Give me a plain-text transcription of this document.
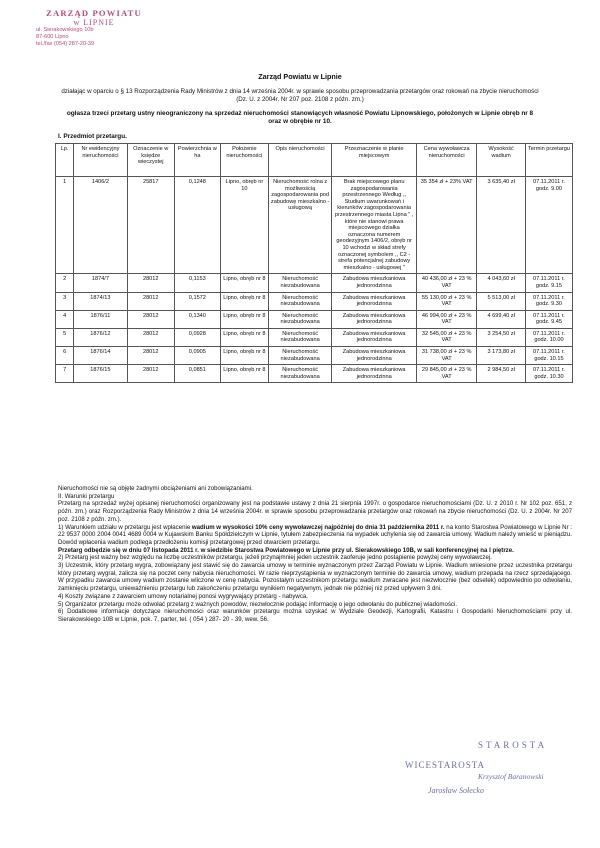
ZARZĄD POWIATU
w LIPNIE
ul. Sierakowskiego 10b
87-600 Lipno
tel./fax (054) 287-20-39
Zarząd Powiatu w Lipnie
działając w oparciu o § 13 Rozporządzenia Rady Ministrów z dnia 14 września 2004r. w sprawie sposobu przeprowadzania przetargów oraz rokowań na zbycie nieruchomości (Dz. U. z 2004r. Nr 207 poz. 2108 z późn. zm.)
ogłasza trzeci przetarg ustny nieograniczony na sprzedaż nieruchomości stanowiących własność Powiatu Lipnowskiego, położonych w Lipnie obręb nr 8 oraz w obrębie nr 10.
I. Przedmiot przetargu.
Lp.	Nr ewidencyjny nieruchomości	Oznaczenie w księdze wieczystej	Powierzchnia w ha	Położenie nieruchomości	Opis nieruchomości	Przeznaczenie w planie miejscowym	Cena wywoławcza nieruchomości	Wysokość wadium	Termin przetargu
1	1406/2	25817	0,1248	Lipno, obręb nr 10	Nieruchomość rolna z możliwością zagospodarowania pod zabudowę mieszkalno - usługową	Brak miejscowego planu zagospodarowania przestrzennego Według ,, Studium uwarunkowań i kierunków zagospodarowania przestrzennego miasta Lipna " , które nie stanowi prawa miejscowego działka oznaczona numerem geodezyjnym 1406/2, obręb nr 10 wchodzi w skład strefy oznaczonej symbolem ,, C2 - strefa potencjalnej zabudowy mieszkalno - usługowej "	35 354 zł + 23% VAT	3 635,40 zł	07.11.2011 r. godz. 9.00
2	1874/7	28012	0,1153	Lipno, obręb nr 8	Nieruchomość niezabudowana	Zabudowa mieszkaniowa jednorodzinna	40 436,00 zł + 23 % VAT	4 043,60 zł	07.11.2011 r. godz. 9.15
3	1874/13	28012	0,1572	Lipno, obręb nr 8	Nieruchomość niezabudowana	Zabudowa mieszkaniowa jednorodzinna	55 130,00 zł + 23 % VAT	5 513,00 zł	07.11.2011 r. godz. 9.30
4	1876/11	28012	0,1340	Lipno, obręb nr 8	Nieruchomość niezabudowana	Zabudowa mieszkaniowa jednorodzinna	46 994,00 zł + 23 % VAT	4 699,40 zł	07.11.2011 r. godz. 9.45
5	1876/12	28012	0,0928	Lipno, obręb nr 8	Nieruchomość niezabudowana	Zabudowa mieszkaniowa jednorodzinna	32 545,00 zł + 23 % VAT	3 254,50 zł	07.11.2011 r. godz. 10.00
6	1876/14	28012	0,0905	Lipno, obręb nr 8	Nieruchomość niezabudowana	Zabudowa mieszkaniowa jednorodzinna	31 738,00 zł + 23 % VAT	3 173,80 zł	07.11.2011 r. godz. 10.15
7	1876/15	28012	0,0851	Lipno, obręb nr 8	Nieruchomość niezabudowana	Zabudowa mieszkaniowa jednorodzinna	29 845,00 zł + 23 % VAT	2 984,50 zł	07.11.2011 r. godz. 10.30

Nieruchomości nie są objęte żadnymi obciążeniami ani zobowiązaniami.

II. Warunki przetargu

Przetarg na sprzedaż wyżej opisanej nieruchomości organizowany jest na podstawie ustawy z dnia 21 sierpnia 1997r. o gospodarce nieruchomościami (Dz. U. z 2010 r. Nr 102 poz. 651, z późn. zm.) oraz Rozporządzenia Rady Ministrów z dnia 14 września 2004r. w sprawie sposobu przeprowadzania przetargów oraz rokowań na zbycie nieruchomości (Dz. U. z 2004r. Nr 207 poz. 2108 z późn. zm.).

1) Warunkiem udziału w przetargu jest wpłacenie wadium w wysokości 10% ceny wywoławczej najpóźniej do dnia 31 października 2011 r. na konto Starostwa Powiatowego w Lipnie Nr : 22 9537 0000 2004 0041 4689 0004 w Kujawskim Banku Spółdzielczym w Lipnie, tytułem zabezpieczenia na wypadek uchylenia się od zawarcia umowy. Wadium należy wnieść w pieniądzu. Dowód wpłacenia wadium podlega przedłożeniu komisji przetargowej przed otwarciem przetargu.

Przetarg odbędzie się w dniu 07 listopada 2011 r. w siedzibie Starostwa Powiatowego w Lipnie przy ul. Sierakowskiego 10B, w sali konferencyjnej na I piętrze.

2) Przetarg jest ważny bez względu na liczbę uczestników przetargu, jeżeli przynajmniej jeden uczestnik zaoferuje jedno postąpienie powyżej ceny wywoławczej.

3) Uczestnik, który przetarg wygra, zobowiązany jest stawić się do zawarcia umowy w terminie wyznaczonym przez Zarząd Powiatu w Lipnie. Wadium wniesione przez uczestnika przetargu który przetarg wygrał, zalicza się na poczet ceny nabycia nieruchomości. W razie nieprzystąpienia w wyznaczonym terminie do zawarcia umowy, wadium przepada na rzecz sprzedającego. W przypadku zawarcia umowy wadium zostanie wliczone w cenę nabycia. Pozostałym uczestnikom przetargu wadium zwracane jest niezwłocznie (bez odsetek) odpowiednio po odwołaniu, zamknięciu przetargu, unieważnieniu przetargu lub zakończeniu przetargu wynikiem negatywnym, jednak nie później niż przed upływem 3 dni.

4) Koszty związane z zawarciem umowy notarialnej ponosi wygrywający przetarg - nabywca.

5) Organizator przetargu może odwołać przetarg z ważnych powodów, niezwłocznie podając informację o jego odwołaniu do publicznej wiadomości.

6) Dodatkowe informacje dotyczące nieruchomości oraz warunków przetargu można uzyskać w Wydziale Geodezji, Kartografii, Katastru i Gospodarki Nieruchomościami przy ul. Sierakowskiego 10B w Lipnie, pok. 7, parter, tel. ( 054 ) 287- 20 - 39, wew. 56.

STAROSTA
WICESTAROSTA
Krzysztof Baranowski
Jarosław Sołecko
